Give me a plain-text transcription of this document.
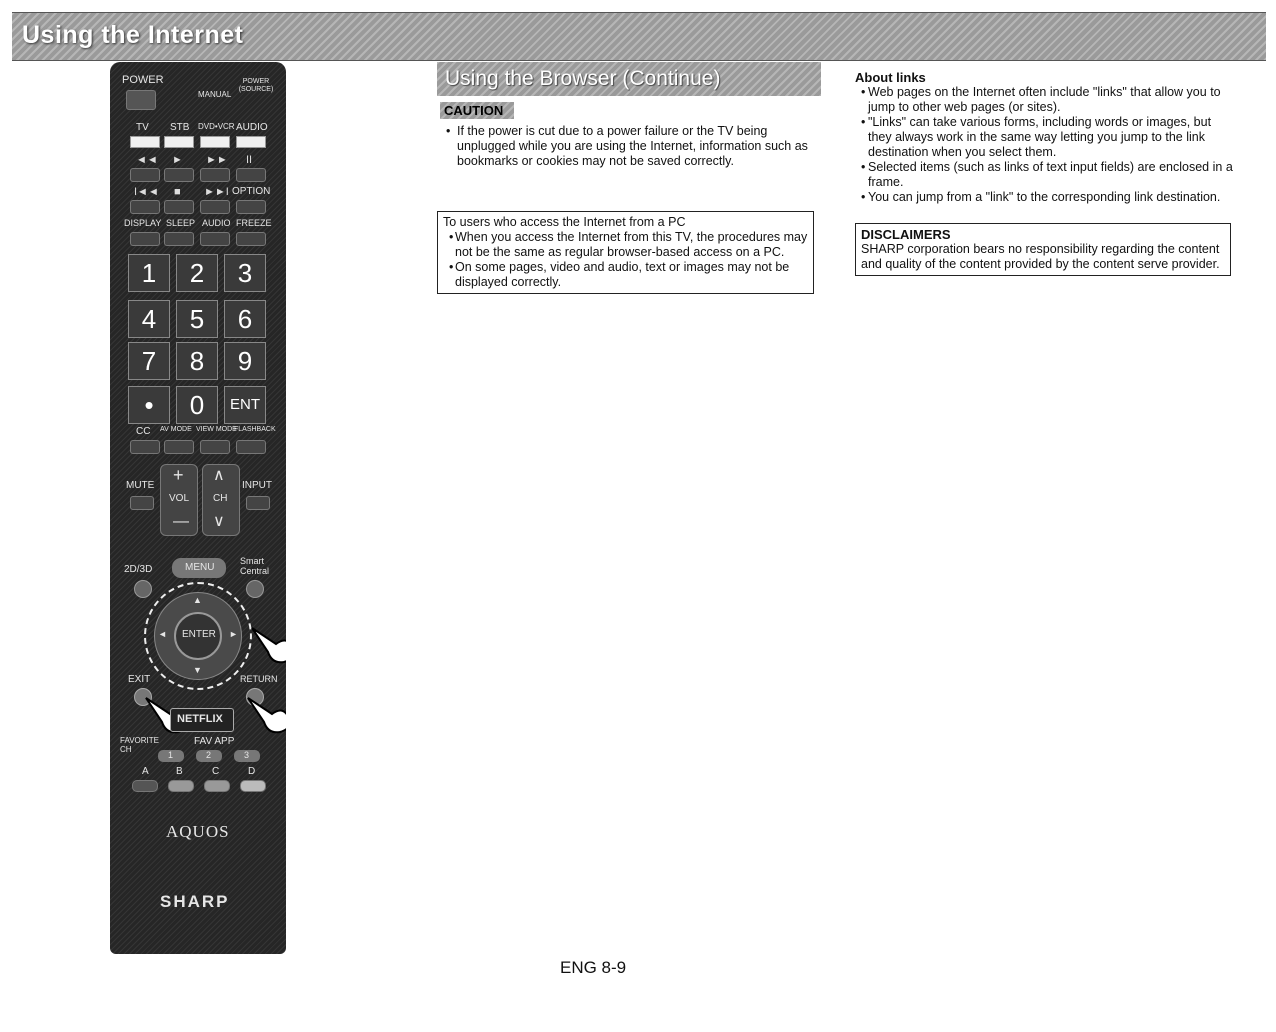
Using the Internet
POWER
MANUAL
POWER (SOURCE)
TV STB DVD•VCR AUDIO
◄◄ ► ►► II
I◄◄ ■ ►►I OPTION
DISPLAY SLEEP AUDIO FREEZE
1	2	3
4	5	6
7	8	9
•	0	ENT
CC AV MODE VIEW MODE
FLASHBACK
MUTE
+
VOL
—
∧
CH
∨
INPUT
2D/3D	MENU
Smart Central
▲
▼
◄	►
ENTER
EXIT	RETURN
NETFLIX
FAVORITE CH
FAV APP
1	2	3
A	B	C	D
AQUOS
SHARP
Using the Browser (Continue)
CAUTION
• If the power is cut due to a power failure or the TV being unplugged while you are using the Internet, information such as bookmarks or cookies may not be saved correctly.
To users who access the Internet from a PC
• When you access the Internet from this TV, the procedures may not be the same as regular browser-based access on a PC.
• On some pages, video and audio, text or images may not be displayed correctly.
About links
• Web pages on the Internet often include "links" that allow you to jump to other web pages (or sites).
• "Links" can take various forms, including words or images, but they always work in the same way letting you jump to the link destination when you select them.
• Selected items (such as links of text input fields) are enclosed in a frame.
• You can jump from a "link" to the corresponding link destination.
DISCLAIMERS
SHARP corporation bears no responsibility regarding the content and quality of the content provided by the content serve provider.
ENG 8-9
